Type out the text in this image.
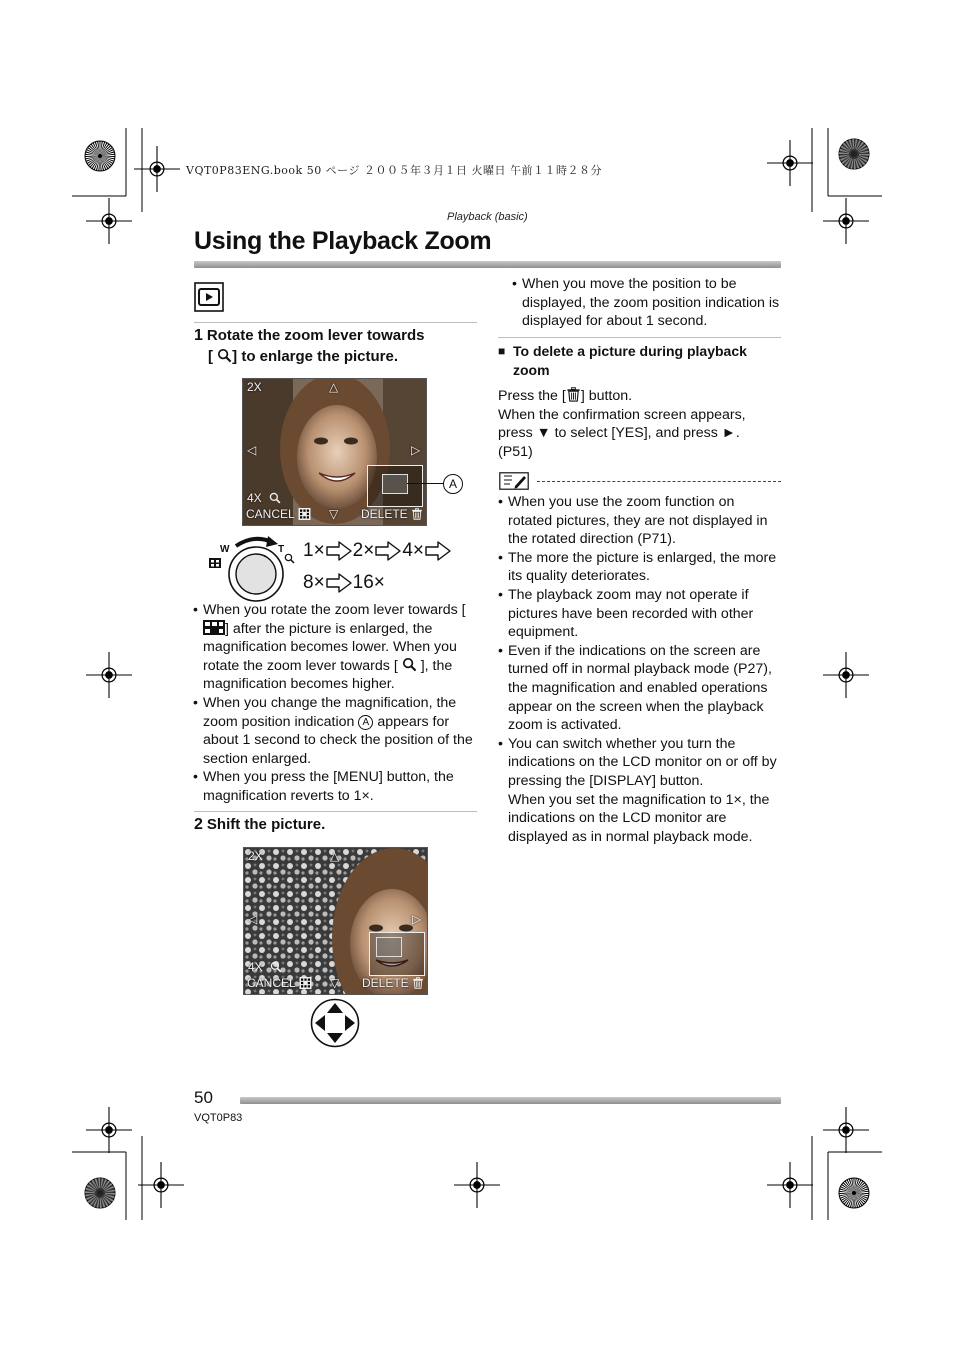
VQT0P83ENG.book 50 ページ ２００５年３月１日 火曜日 午前１１時２８分
Playback (basic)
Using the Playback Zoom
1 Rotate the zoom lever towards
[ ] to enlarge the picture.
2X	△
◁	▷
4X
CANCEL	▽ DELETE
A
W	T 1× 2× 4×
8× 16×
• When you rotate the zoom lever towards [
] after the picture is enlarged, the magnification becomes lower. When you rotate the zoom lever towards [ ], the magnification becomes higher.
• When you change the magnification, the zoom position indication A appears for about 1 second to check the position of the section enlarged.
• When you press the [MENU] button, the magnification reverts to 1×.
2 Shift the picture.
2X	△
◁	▷
4X
CANCEL	▽ DELETE
• When you move the position to be displayed, the zoom position indication is displayed for about 1 second.
■ To delete a picture during playback zoom
Press the [ ] button.
When the confirmation screen appears, press ▼ to select [YES], and press ►. (P51)
• When you use the zoom function on rotated pictures, they are not displayed in the rotated direction (P71).
• The more the picture is enlarged, the more its quality deteriorates.
• The playback zoom may not operate if pictures have been recorded with other equipment.
• Even if the indications on the screen are turned off in normal playback mode (P27), the magnification and enabled operations appear on the screen when the playback zoom is activated.
• You can switch whether you turn the indications on the LCD monitor on or off by pressing the [DISPLAY] button.
When you set the magnification to 1×, the indications on the LCD monitor are displayed as in normal playback mode.
50
VQT0P83
